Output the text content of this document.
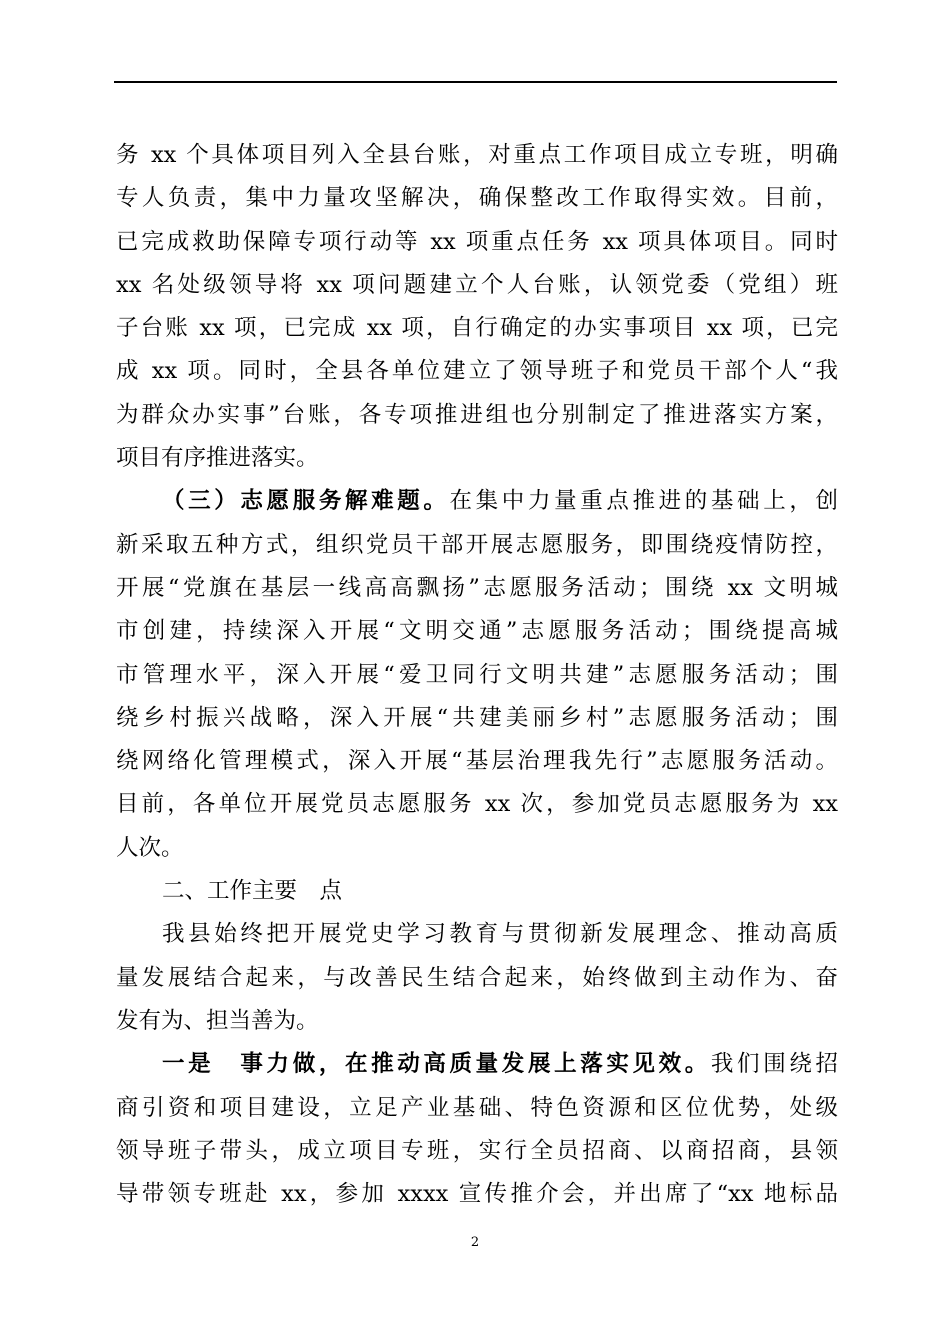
务 xx 个具体项目列入全县台账，对重点工作项目成立专班，明确
专人负责，集中力量攻坚解决，确保整改工作取得实效。目前，
已完成救助保障专项行动等 xx 项重点任务 xx 项具体项目。同时
xx 名处级领导将 xx 项问题建立个人台账，认领党委（党组）班
子台账 xx 项，已完成 xx 项，自行确定的办实事项目 xx 项，已完
成 xx 项。同时，全县各单位建立了领导班子和党员干部个人“我
为群众办实事”台账，各专项推进组也分别制定了推进落实方案，
项目有序推进落实。
（三）志愿服务解难题。在集中力量重点推进的基础上，创
新采取五种方式，组织党员干部开展志愿服务，即围绕疫情防控，
开展“党旗在基层一线高高飘扬”志愿服务活动；围绕 xx 文明城
市创建，持续深入开展“文明交通”志愿服务活动；围绕提高城
市管理水平，深入开展“爱卫同行文明共建”志愿服务活动；围
绕乡村振兴战略，深入开展“共建美丽乡村”志愿服务活动；围
绕网络化管理模式，深入开展“基层治理我先行”志愿服务活动。
目前，各单位开展党员志愿服务 xx 次，参加党员志愿服务为 xx
人次。
二、工作主要　点
我县始终把开展党史学习教育与贯彻新发展理念、推动高质
量发展结合起来，与改善民生结合起来，始终做到主动作为、奋
发有为、担当善为。
一是　事力做，在推动高质量发展上落实见效。我们围绕招
商引资和项目建设，立足产业基础、特色资源和区位优势，处级
领导班子带头，成立项目专班，实行全员招商、以商招商，县领
导带领专班赴 xx，参加 xxxx 宣传推介会，并出席了“xx 地标品
2
